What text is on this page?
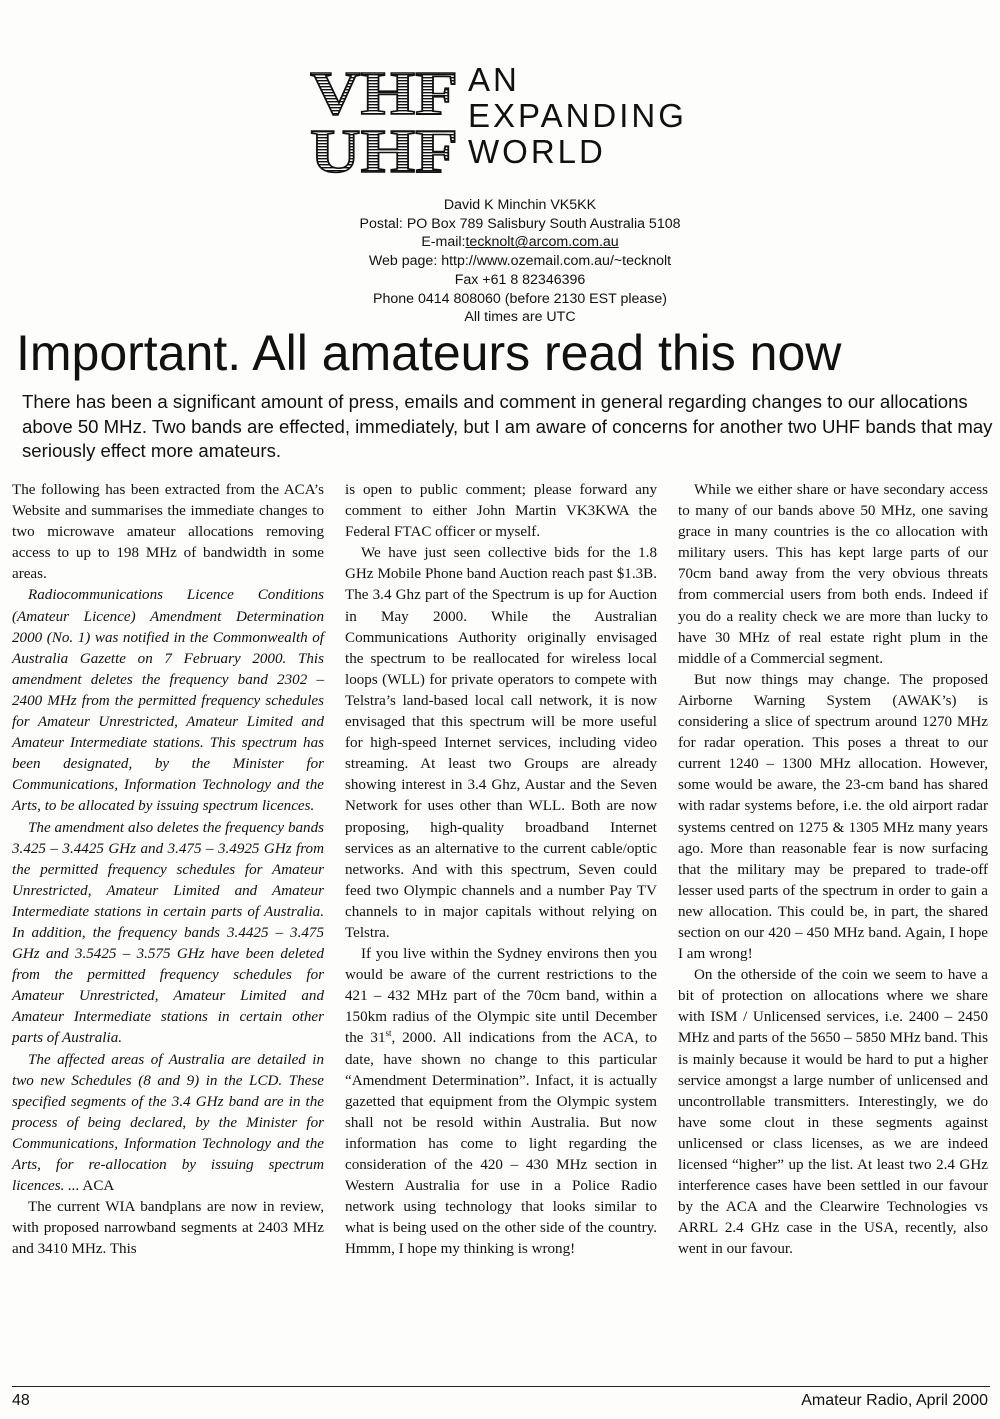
VHF
UHF
AN
EXPANDING
WORLD
David K Minchin VK5KK
Postal: PO Box 789 Salisbury South Australia 5108
E-mail:tecknolt@arcom.com.au
Web page: http://www.ozemail.com.au/~tecknolt
Fax +61 8 82346396
Phone 0414 808060 (before 2130 EST please)
All times are UTC
Important. All amateurs read this now
There has been a significant amount of press, emails and comment in general regarding changes to our allocations above 50 MHz. Two bands are effected, immediately, but I am aware of concerns for another two UHF bands that may seriously effect more amateurs.

The following has been extracted from the ACA’s Website and summarises the immediate changes to two microwave amateur allocations removing access to up to 198 MHz of bandwidth in some areas.

Radiocommunications Licence Conditions (Amateur Licence) Amendment Determination 2000 (No. 1) was notified in the Commonwealth of Australia Gazette on 7 February 2000. This amendment deletes the frequency band 2302 – 2400 MHz from the permitted frequency schedules for Amateur Unrestricted, Amateur Limited and Amateur Intermediate stations. This spectrum has been designated, by the Minister for Communications, Information Technology and the Arts, to be allocated by issuing spectrum licences.

The amendment also deletes the frequency bands 3.425 – 3.4425 GHz and 3.475 – 3.4925 GHz from the permitted frequency schedules for Amateur Unrestricted, Amateur Limited and Amateur Intermediate stations in certain parts of Australia. In addition, the frequency bands 3.4425 – 3.475 GHz and 3.5425 – 3.575 GHz have been deleted from the permitted frequency schedules for Amateur Unrestricted, Amateur Limited and Amateur Intermediate stations in certain other parts of Australia.

The affected areas of Australia are detailed in two new Schedules (8 and 9) in the LCD. These specified segments of the 3.4 GHz band are in the process of being declared, by the Minister for Communications, Information Technology and the Arts, for re-allocation by issuing spectrum licences. ... ACA

The current WIA bandplans are now in review, with proposed narrowband segments at 2403 MHz and 3410 MHz. This

is open to public comment; please forward any comment to either John Martin VK3KWA the Federal FTAC officer or myself.

We have just seen collective bids for the 1.8 GHz Mobile Phone band Auction reach past $1.3B. The 3.4 Ghz part of the Spectrum is up for Auction in May 2000. While the Australian Communications Authority originally envisaged the spectrum to be reallocated for wireless local loops (WLL) for private operators to compete with Telstra’s land-based local call network, it is now envisaged that this spectrum will be more useful for high-speed Internet services, including video streaming. At least two Groups are already showing interest in 3.4 Ghz, Austar and the Seven Network for uses other than WLL. Both are now proposing, high-quality broadband Internet services as an alternative to the current cable/optic networks. And with this spectrum, Seven could feed two Olympic channels and a number Pay TV channels to in major capitals without relying on Telstra.

If you live within the Sydney environs then you would be aware of the current restrictions to the 421 – 432 MHz part of the 70cm band, within a 150km radius of the Olympic site until December the 31st, 2000. All indications from the ACA, to date, have shown no change to this particular “Amendment Determination”. Infact, it is actually gazetted that equipment from the Olympic system shall not be resold within Australia. But now information has come to light regarding the consideration of the 420 – 430 MHz section in Western Australia for use in a Police Radio network using technology that looks similar to what is being used on the other side of the country. Hmmm, I hope my thinking is wrong!

While we either share or have secondary access to many of our bands above 50 MHz, one saving grace in many countries is the co allocation with military users. This has kept large parts of our 70cm band away from the very obvious threats from commercial users from both ends. Indeed if you do a reality check we are more than lucky to have 30 MHz of real estate right plum in the middle of a Commercial segment.

But now things may change. The proposed Airborne Warning System (AWAK’s) is considering a slice of spectrum around 1270 MHz for radar operation. This poses a threat to our current 1240 – 1300 MHz allocation. However, some would be aware, the 23-cm band has shared with radar systems before, i.e. the old airport radar systems centred on 1275 & 1305 MHz many years ago. More than reasonable fear is now surfacing that the military may be prepared to trade-off lesser used parts of the spectrum in order to gain a new allocation. This could be, in part, the shared section on our 420 – 450 MHz band. Again, I hope I am wrong!

On the otherside of the coin we seem to have a bit of protection on allocations where we share with ISM / Unlicensed services, i.e. 2400 – 2450 MHz and parts of the 5650 – 5850 MHz band. This is mainly because it would be hard to put a higher service amongst a large number of unlicensed and uncontrollable transmitters. Interestingly, we do have some clout in these segments against unlicensed or class licenses, as we are indeed licensed “higher” up the list. At least two 2.4 GHz interference cases have been settled in our favour by the ACA and the Clearwire Technologies vs ARRL 2.4 GHz case in the USA, recently, also went in our favour.

48	Amateur Radio, April 2000
